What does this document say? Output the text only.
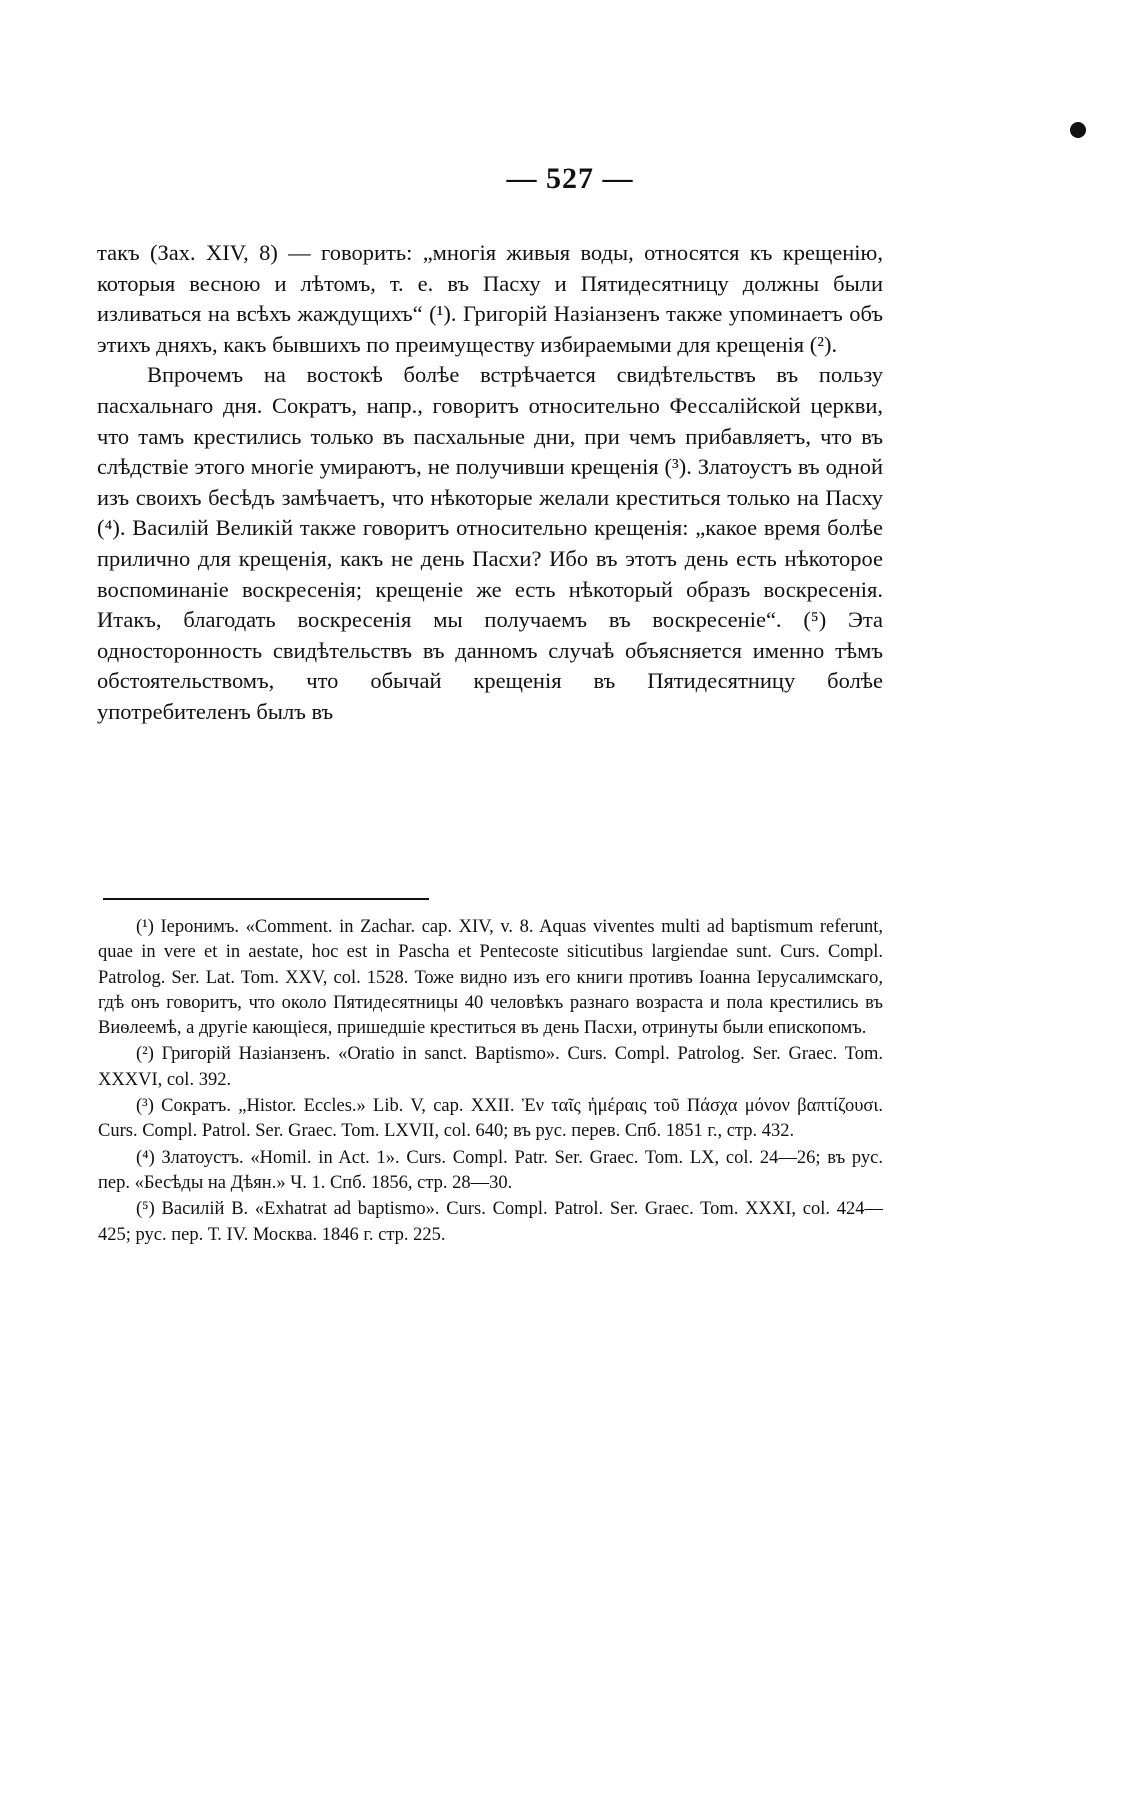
— 527 —

такъ (Зах. XIV, 8) — говорить: „многія живыя воды, относятся къ крещенію, которыя весною и лѣтомъ, т. е. въ Пасху и Пятидесятницу должны были изливаться на всѣхъ жаждущихъ“ (¹). Григорій Назіанзенъ также упоминаетъ объ этихъ дняхъ, какъ бывшихъ по преимуществу избираемыми для крещенія (²).

Впрочемъ на востокѣ болѣе встрѣчается свидѣтельствъ въ пользу пасхальнаго дня. Сократъ, напр., говоритъ относительно Фессалійской церкви, что тамъ крестились только въ пасхальные дни, при чемъ прибавляетъ, что въ слѣдствіе этого многіе умираютъ, не получивши крещенія (³). Златоустъ въ одной изъ своихъ бесѣдъ замѣчаетъ, что нѣкоторые желали креститься только на Пасху (⁴). Василій Великій также говоритъ относительно крещенія: „какое время болѣе прилично для крещенія, какъ не день Пасхи? Ибо въ этотъ день есть нѣкоторое воспоминаніе воскресенія; крещеніе же есть нѣкоторый образъ воскресенія. Итакъ, благодать воскресенія мы получаемъ въ воскресеніе“. (⁵) Эта односторонность свидѣтельствъ въ данномъ случаѣ объясняется именно тѣмъ обстоятельствомъ, что обычай крещенія въ Пятидесятницу болѣе употребителенъ былъ въ

(¹) Іеронимъ. «Comment. in Zachar. cap. XIV, v. 8. Aquas viventes multi ad baptismum referunt, quae in vere et in aestate, hoc est in Pascha et Pentecoste siticutibus largiendae sunt. Curs. Compl. Patrolog. Ser. Lat. Tom. XXV, col. 1528. Тоже видно изъ его книги противъ Іоанна Іерусалимскаго, гдѣ онъ говоритъ, что около Пятидесятницы 40 человѣкъ разнаго возраста и пола крестились въ Виѳлеемѣ, а другіе кающіеся, пришедшіе креститься въ день Пасхи, отринуты были епископомъ.

(²) Григорій Назіанзенъ. «Oratio in sanct. Baptismo». Curs. Compl. Patrolog. Ser. Graec. Tom. XXXVI, col. 392.

(³) Сократъ. „Histor. Eccles.» Lib. V, cap. XXII. Ἐν ταῖς ἡμέραις τοῦ Πάσχα μόνον βαπτίζουσι. Curs. Compl. Patrol. Ser. Graec. Tom. LXVII, col. 640; въ рус. перев. Спб. 1851 г., стр. 432.

(⁴) Златоустъ. «Homil. in Act. 1». Curs. Compl. Patr. Ser. Graec. Tom. LX, col. 24—26; въ рус. пер. «Бесѣды на Дѣян.» Ч. 1. Спб. 1856, стр. 28—30.

(⁵) Василій В. «Exhatrat ad baptismo». Curs. Compl. Patrol. Ser. Graec. Tom. XXXI, col. 424—425; рус. пер. Т. IV. Москва. 1846 г. стр. 225.
